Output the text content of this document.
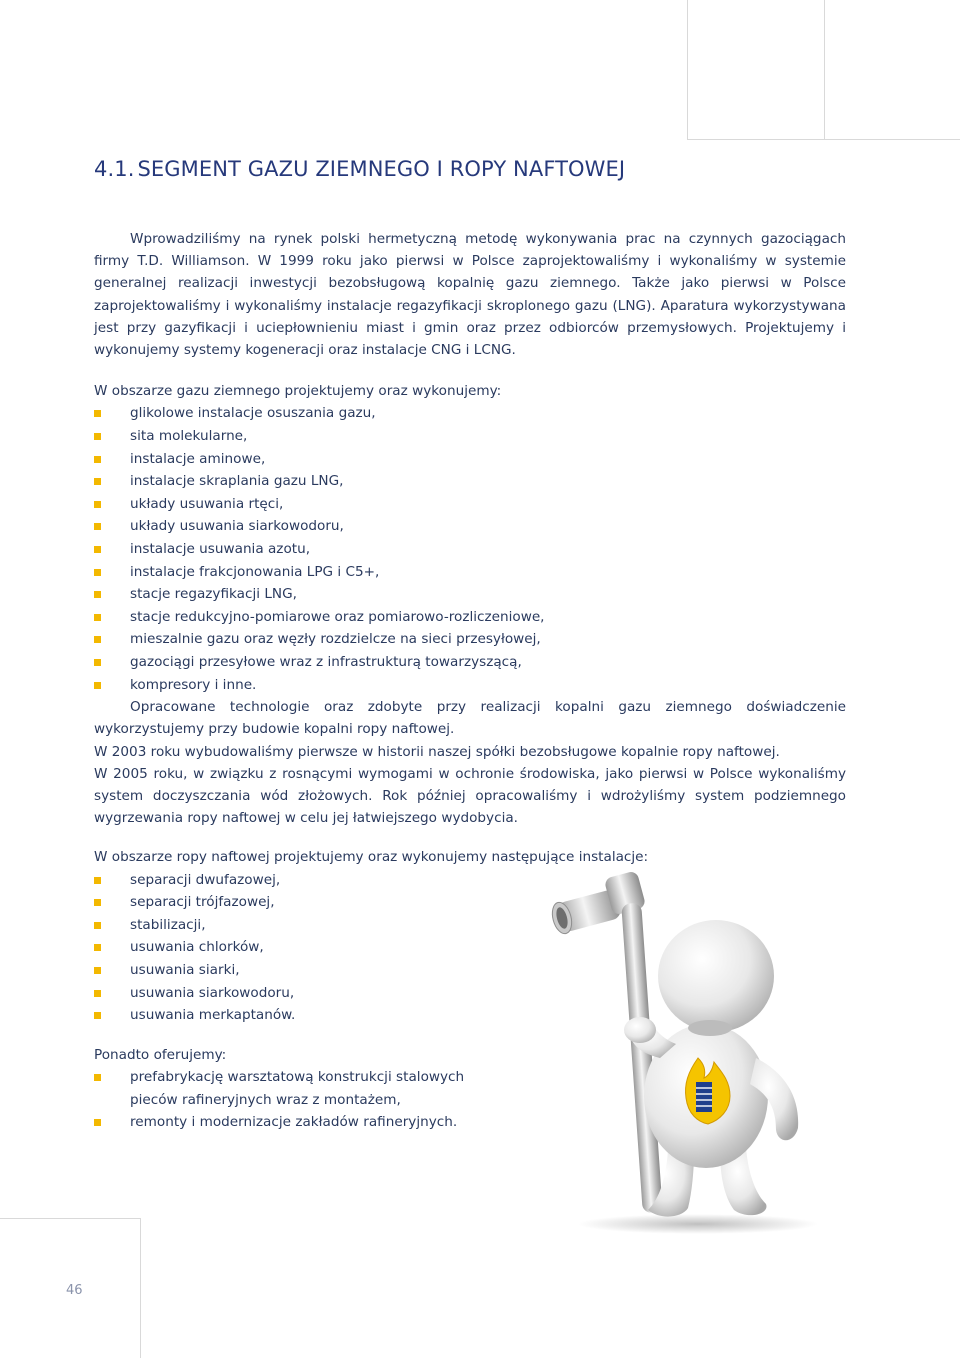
4.1. SEGMENT GAZU ZIEMNEGO I ROPY NAFTOWEJ

Wprowadziliśmy na rynek polski hermetyczną metodę wykonywania prac na czynnych gazociągach firmy T.D. Williamson. W 1999 roku jako pierwsi w Polsce zaprojektowaliśmy i wykonaliśmy w systemie generalnej realizacji inwestycji bezobsługową kopalnię gazu ziemnego. Także jako pierwsi w Polsce zaprojektowaliśmy i wykonaliśmy instalacje regazyfikacji skroplonego gazu (LNG). Aparatura wykorzystywana jest przy gazyfikacji i uciepłownieniu miast i gmin oraz przez odbiorców przemysłowych. Projektujemy i wykonujemy systemy kogeneracji oraz instalacje CNG i LCNG.

W obszarze gazu ziemnego projektujemy oraz wykonujemy:

glikolowe instalacje osuszania gazu,
sita molekularne,
instalacje aminowe,
instalacje skraplania gazu LNG,
układy usuwania rtęci,
układy usuwania siarkowodoru,
instalacje usuwania azotu,
instalacje frakcjonowania LPG i C5+,
stacje regazyfikacji LNG,
stacje redukcyjno-pomiarowe oraz pomiarowo-rozliczeniowe,
mieszalnie gazu oraz węzły rozdzielcze na sieci przesyłowej,
gazociągi przesyłowe wraz z infrastrukturą towarzyszącą,
kompresory i inne.

Opracowane technologie oraz zdobyte przy realizacji kopalni gazu ziemnego doświadczenie wykorzystujemy przy budowie kopalni ropy naftowej.

W 2003 roku wybudowaliśmy pierwsze w historii naszej spółki bezobsługowe kopalnie ropy naftowej.

W 2005 roku, w związku z rosnącymi wymogami w ochronie środowiska, jako pierwsi w Polsce wykonaliśmy system doczyszczania wód złożowych. Rok później opracowaliśmy i wdrożyliśmy system podziemnego wygrzewania ropy naftowej w celu jej łatwiejszego wydobycia.

W obszarze ropy naftowej projektujemy oraz wykonujemy następujące instalacje:

separacji dwufazowej,
separacji trójfazowej,
stabilizacji,
usuwania chlorków,
usuwania siarki,
usuwania siarkowodoru,
usuwania merkaptanów.

Ponadto oferujemy:

prefabrykację warsztatową konstrukcji stalowych
pieców rafineryjnych wraz z montażem,
remonty i modernizacje zakładów rafineryjnych.
46
